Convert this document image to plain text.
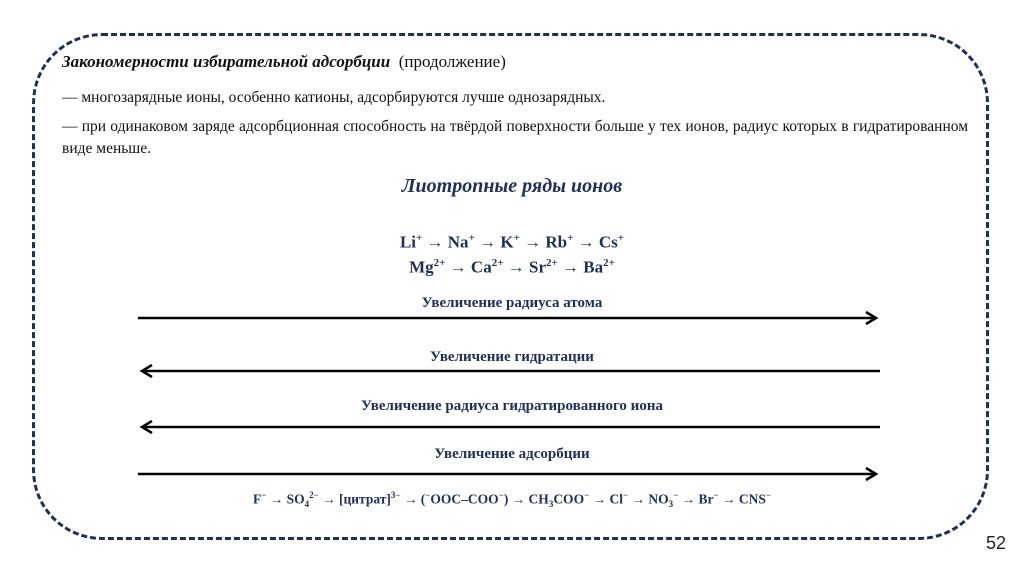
Закономерности избирательной адсорбции (продолжение)
— многозарядные ионы, особенно катионы, адсорбируются лучше однозарядных.
— при одинаковом заряде адсорбционная способность на твёрдой поверхности больше у тех ионов, радиус которых в гидратированном виде меньше.
Лиотропные ряды ионов
Li+ → Na+ → K+ → Rb+ → Cs+
$Mg^{2+} \to Ca^{2+} \to Sr^{2+} \to Ba^{2+}$
Увеличение радиуса атома
Увеличение гидратации
Увеличение радиуса гидратированного иона
Увеличение адсорбции
$F^- \to SO_4^{2-}$ → [цитрат]$^{3-}$ → $(^-OOC-COO^-) \to CH_3COO^- \to Cl^- \to NO_3^- \to Br^- \to CNS^-$
52
